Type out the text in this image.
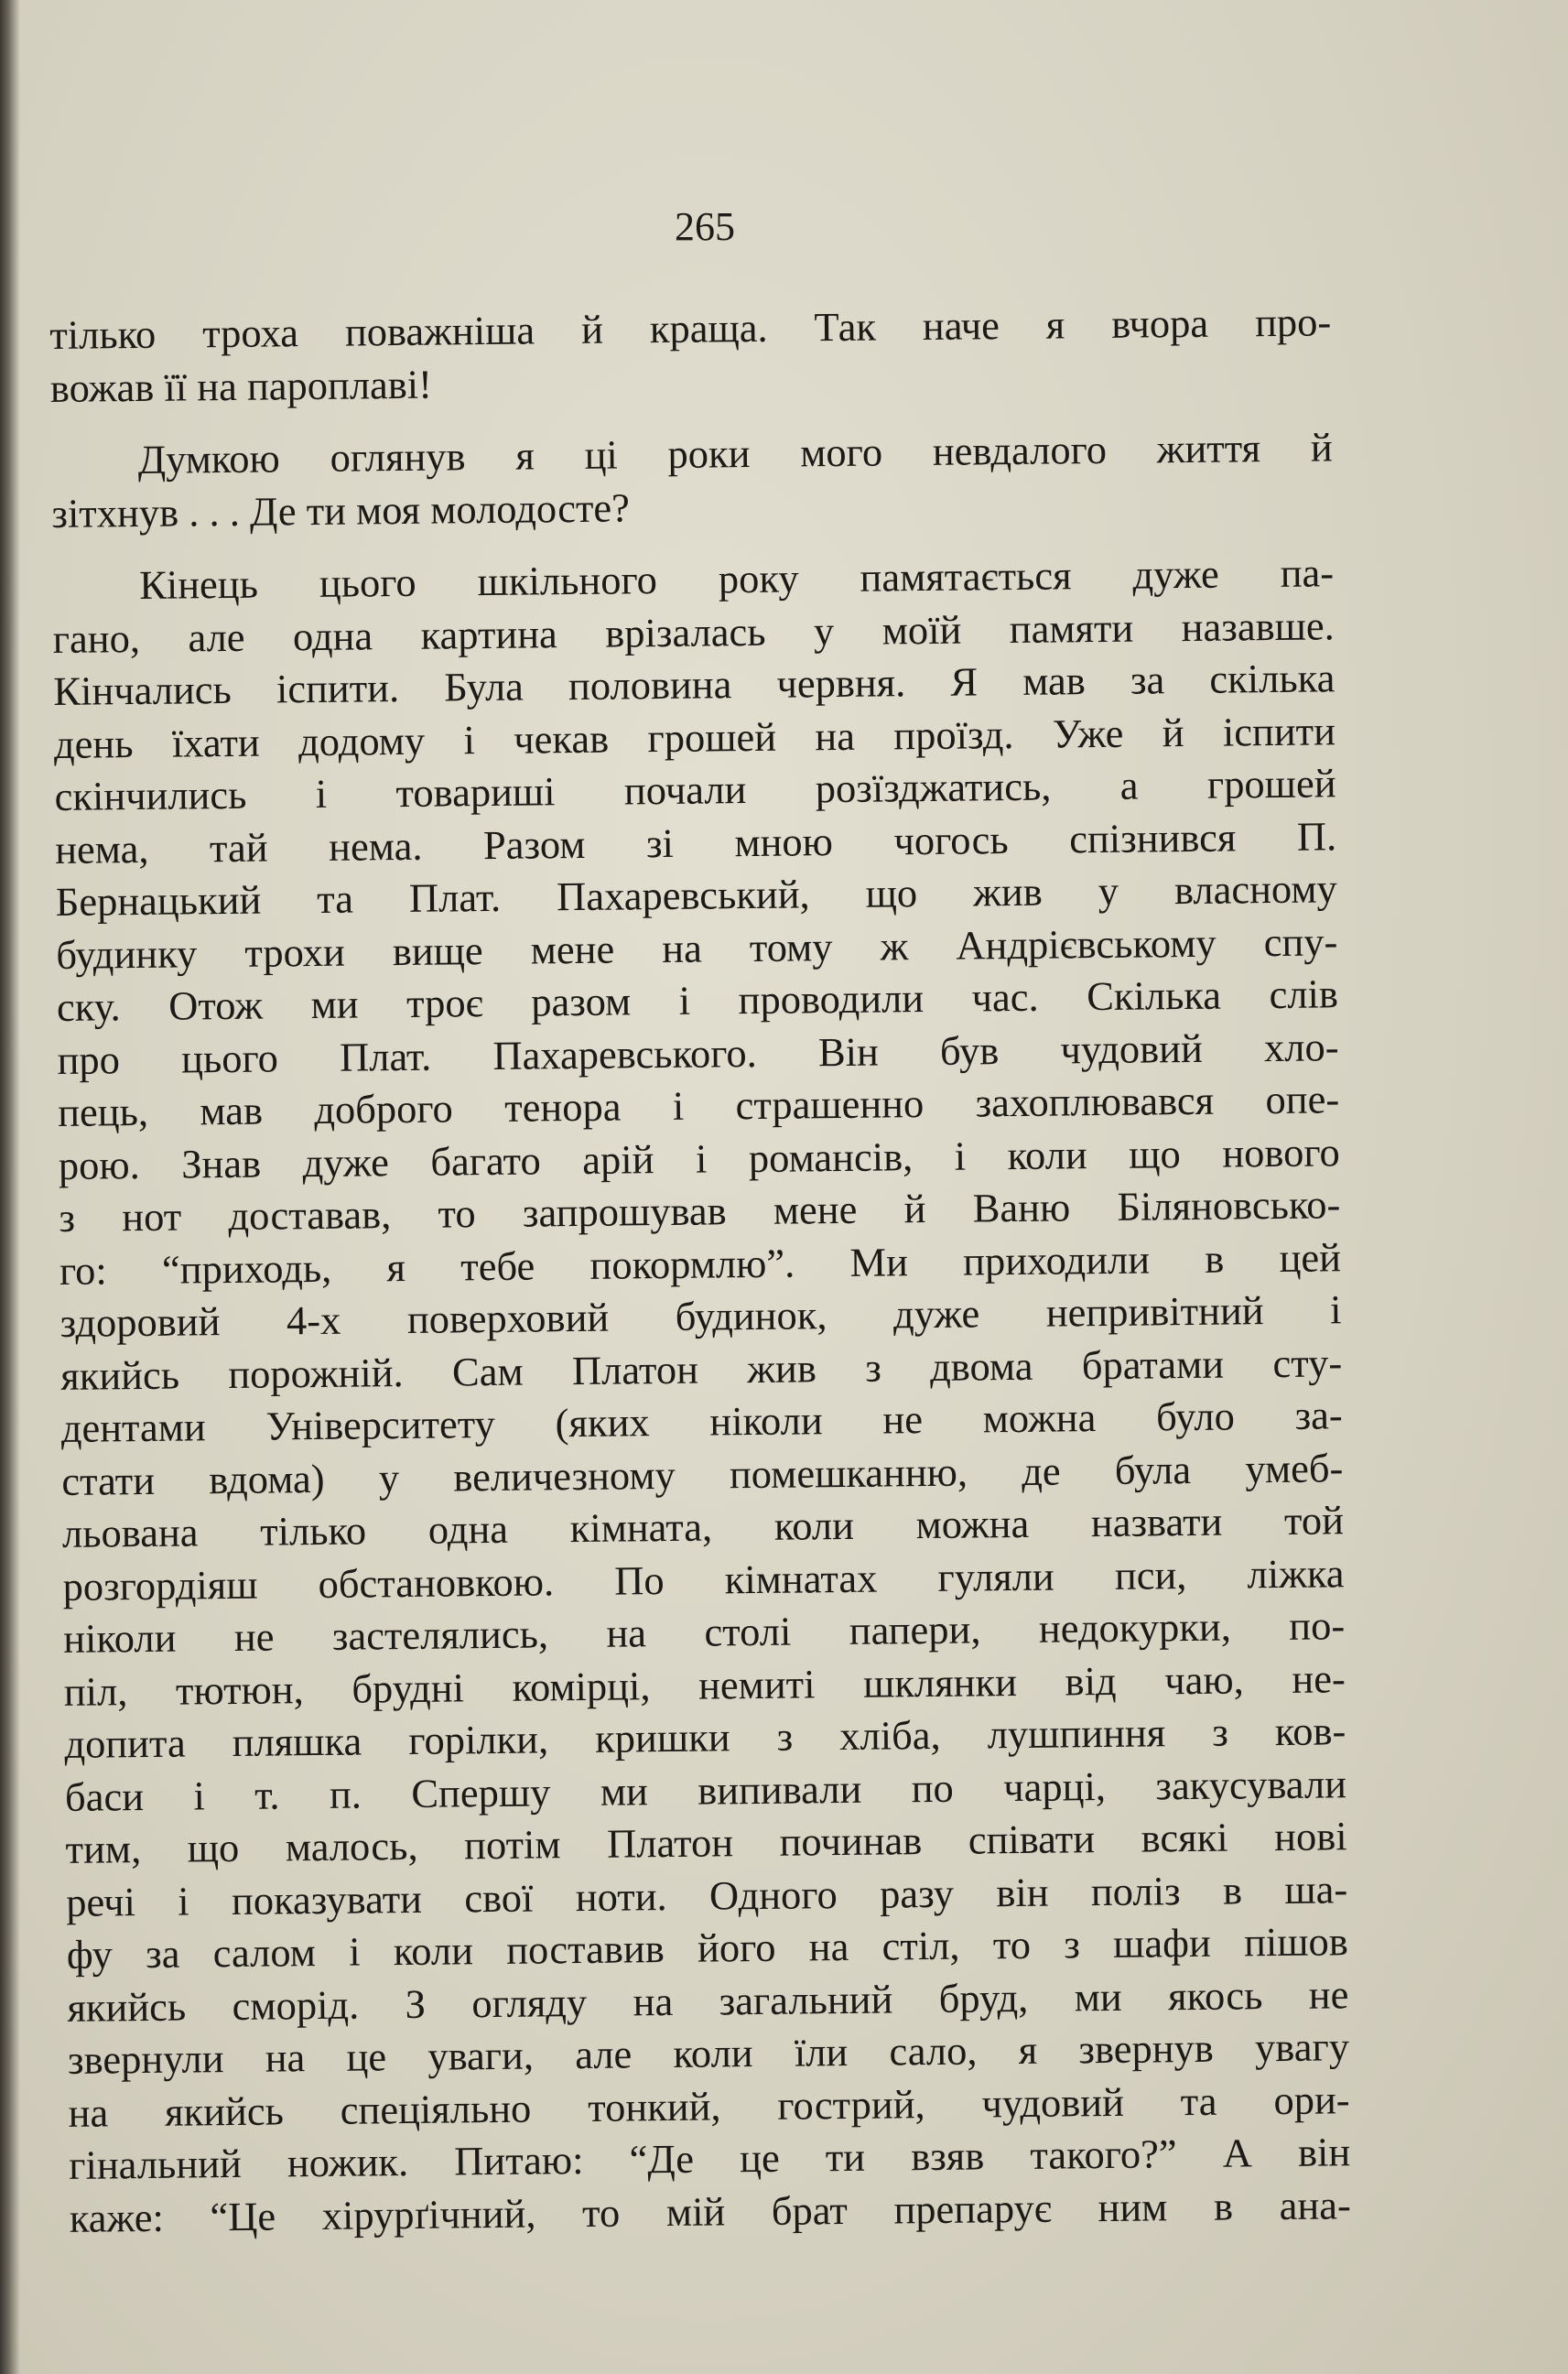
265
тілько троха поважніша й краща. Так наче я вчора про-
вожав її на пароплаві!
Думкою оглянув я ці роки мого невдалого життя й
зітхнув . . . Де ти моя молодосте?
Кінець цього шкільного року памятається дуже па-
гано, але одна картина врізалась у моїй памяти назавше.
Кінчались іспити. Була половина червня. Я мав за скілька
день їхати додому і чекав грошей на проїзд. Уже й іспити
скінчились і товариші почали розїзджатись, а грошей
нема, тай нема. Разом зі мною чогось спізнився П.
Бернацький та Плат. Пахаревський, що жив у власному
будинку трохи вище мене на тому ж Андрієвському спу-
ску. Отож ми троє разом і проводили час. Скілька слів
про цього Плат. Пахаревського. Він був чудовий хло-
пець, мав доброго тенора і страшенно захоплювався опе-
рою. Знав дуже багато арій і романсів, і коли що нового
з нот доставав, то запрошував мене й Ваню Біляновсько-
го: “приходь, я тебе покормлю”. Ми приходили в цей
здоровий 4-х поверховий будинок, дуже непривітний і
якийсь порожній. Сам Платон жив з двома братами сту-
дентами Університету (яких ніколи не можна було за-
стати вдома) у величезному помешканню, де була умеб-
льована тілько одна кімната, коли можна назвати той
розгордіяш обстановкою. По кімнатах гуляли пси, ліжка
ніколи не застелялись, на столі папери, недокурки, по-
піл, тютюн, брудні комірці, немиті шклянки від чаю, не-
допита пляшка горілки, кришки з хліба, лушпиння з ков-
баси і т. п. Спершу ми випивали по чарці, закусували
тим, що малось, потім Платон починав співати всякі нові
речі і показувати свої ноти. Одного разу він поліз в ша-
фу за салом і коли поставив його на стіл, то з шафи пішов
якийсь сморід. З огляду на загальний бруд, ми якось не
звернули на це уваги, але коли їли сало, я звернув увагу
на якийсь спеціяльно тонкий, гострий, чудовий та ори-
гінальний ножик. Питаю: “Де це ти взяв такого?” А він
каже: “Це хірурґічний, то мій брат препарує ним в ана-
